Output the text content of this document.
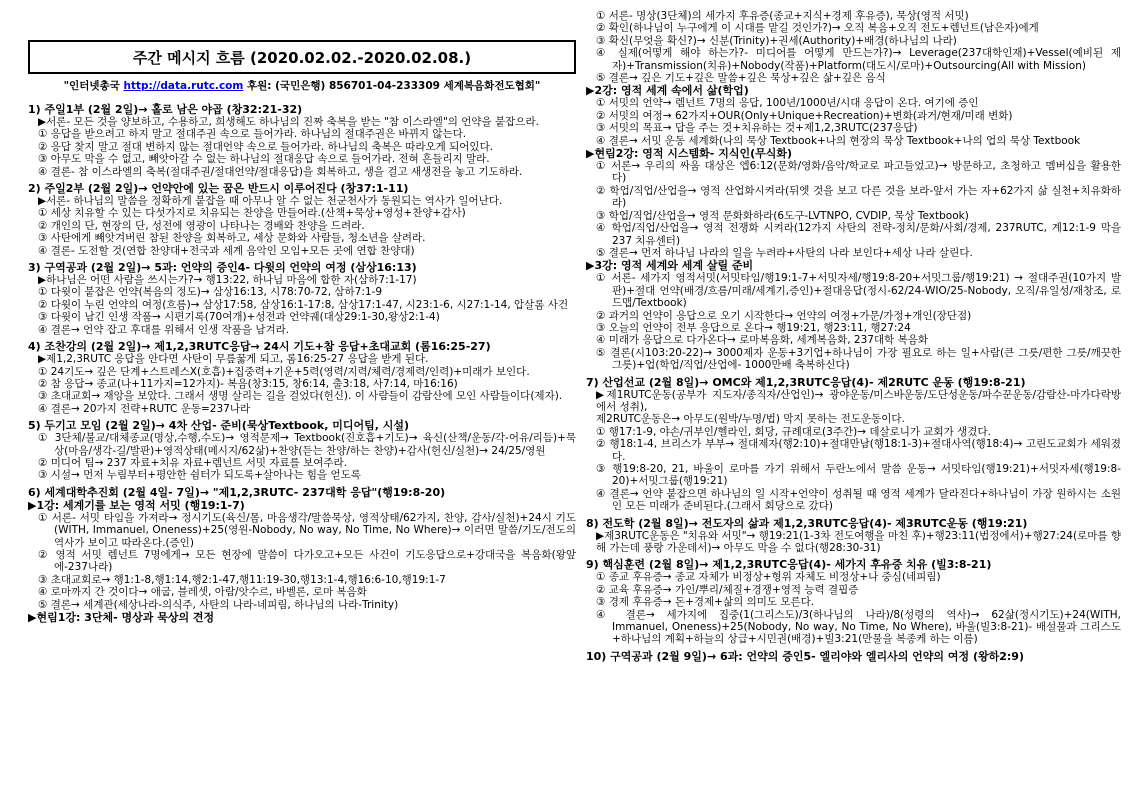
주간 메시지 흐름 (2020.02.02.-2020.02.08.)
"인터넷총국 http://data.rutc.com 후원: (국민은행) 856701-04-233309 세계복음화전도협회"
1) 주일1부 (2월 2일)→ 홀로 남은 야곱 (창32:21-32)
▶서론- 모든 것을 양보하고, 수용하고, 희생해도 하나님의 진짜 축복을 받는 "참 이스라엘"의 언약을 붙잡으라.
① 응답을 받으려고 하지 말고 절대주권 속으로 들어가라. 하나님의 절대주권은 바뀌지 않는다.
② 응답 찾지 말고 절대 변하지 않는 절대언약 속으로 들어가라. 하나님의 축복은 따라오게 되어있다.
③ 아무도 막을 수 없고, 빼앗아갈 수 없는 하나님의 절대응답 속으로 들어가라. 전혀 흔들리지 말라.
④ 결론- 참 이스라엘의 축복(절대주권/절대언약/절대응답)을 회복하고, 생을 걸고 새생전을 놓고 기도하라.
2) 주일2부 (2월 2일)→ 언약안에 있는 꿈은 반드시 이루어진다 (창37:1-11)
▶서론- 하나님의 말씀을 정확하게 붙잡을 때 아무나 알 수 없는 천군천사가 동원되는 역사가 일어난다.
① 세상 치유할 수 있는 다섯가지로 치유되는 찬양을 만들어라.(산책+묵상+영성+찬양+감사)
② 개인의 단, 현장의 단, 성전에 영광이 나타나는 경배와 찬양을 드려라.
③ 사탄에게 빼앗겨버린 참된 찬양을 회복하고, 세상 문화와 사람들, 청소년을 살려라.
④ 결론- 도전할 것(연합 찬양대+전국과 세계 음악인 모임+모든 곳에 연합 찬양대)
3) 구역공과 (2월 2일)→ 5과: 언약의 증인4- 다윗의 언약의 여정 (삼상16:13)
▶하나님은 어떤 사람을 쓰시는가?→ 행13:22, 하나님 마음에 합한 자(삼하7:1-17)
① 다윗이 붙잡은 언약(복음의 정도)→ 삼상16:13, 시78:70-72, 삼하7:1-9
② 다윗이 누린 언약의 여정(흐름)→ 삼상17:58, 삼상16:1-17:8, 삼상17:1-47, 시23:1-6, 시27:1-14, 압살롬 사건
③ 다윗이 남긴 인생 작품→ 시편기록(70여개)+성전과 언약궤(대상29:1-30,왕상2:1-4)
④ 결론→ 언약 잡고 후대를 위해서 인생 작품을 남겨라.
4) 조찬강의 (2월 2일)→ 제1,2,3RUTC응답→ 24시 기도+참 응답+초대교회 (롬16:25-27)
▶제1,2,3RUTC 응답을 안다면 사탄이 무릎꿇게 되고, 롬16:25-27 응답을 받게 된다.
① 24기도→ 깊은 단계+스트레스X(호흡)+집중력+기운+5력(영력/지력/체력/경제력/인력)+미래가 보인다.
② 참 응답→ 종교(나+11가지=12가지)- 복음(창3:15, 창6:14, 출3:18, 사7:14, 마16:16)
③ 초대교회→ 재앙을 보았다. 그래서 생명 살리는 길을 걸었다(헌신). 이 사람들이 감람산에 모인 사람들이다(제자).
④ 결론→ 20가지 전략+RUTC 운동=237나라
5) 두기고 모임 (2월 2일)→ 4차 산업- 준비(묵상Textbook, 미디어팀, 시설)
① 3단체/불교/대체종교(명상,수행,수도)→ 영적문제→ Textbook(진호흡+기도)→ 육신(산책/운동/각-어유/리듬)+묵상(마음/생각-길/발판)+영적상태(메시지/62삶)+찬양(듣는 찬양/하는 찬양)+감사(헌신/실천)→ 24/25/영원
② 미디어 팀→ 237 자료+치유 자료+렘넌트 서밋 자료를 보여주라.
③ 시설→ 먼저 누림부터+평안한 쉼터가 되도록+살아나는 힘을 얻도록
6) 세계대학추진회 (2월 4일- 7일)→ "제1,2,3RUTC- 237대학 응답"(행19:8-20)
▶1강: 세계기를 보는 영적 서밋 (행19:1-7)
① 서론- 서밋 타임을 가져라→ 정시기도(육신/몸, 마음생각/말씀묵상, 영적상태/62가지, 찬양, 감사/실천)+24시 기도(WITH, Immanuel, Oneness)+25(영원-Nobody, No way, No Time, No Where)→ 이러면 말씀/기도/전도의 역사가 보이고 따라온다.(증인)
② 영적 서밋 렘넌트 7명에게→ 모든 현장에 말씀이 다가오고+모든 사건이 기도응답으로+강대국을 복음화(왕앞에-237나라)
③ 초대교회로→ 행1:1-8,행1:14,행2:1-47,행11:19-30,행13:1-4,행16:6-10,행19:1-7
④ 로마까지 간 것이다→ 애굽, 블레셋, 아람/앗수르, 바벨론, 로마 복음화
⑤ 결론→ 세계관(세상나라-의식주, 사탄의 나라-네피림, 하나님의 나라-Trinity)
▶현림1강: 3단체- 명상과 묵상의 견정
① 서론- 명상(3단체)의 세가지 후유증(종교+지식+경제 후유증), 묵상(영적 서밋)
② 확인(하나님이 누구에게 이 시대를 맡길 것인가?)→ 오직 복음+오직 전도+렘넌트(남은자)에게
③ 확신(무엇을 확신?)→ 신분(Trinity)+권세(Authority)+배경(하나님의 나라)
④ 실제(어떻게 해야 하는가?- 미디어를 어떻게 만드는가?)→ Leverage(237대학인재)+Vessel(예비된 제자)+Transmission(치유)+Nobody(작품)+Platform(대도시/로마)+Outsourcing(All with Mission)
⑤ 결론→ 깊은 기도+깊은 말씀+깊은 묵상+깊은 삶+깊은 음식
▶2강: 영적 세계 속에서 삶(학업)
① 서밋의 언약→ 렘넌트 7명의 응답, 100년/1000년/시대 응답이 온다. 여기에 증인
② 서밋의 여정→ 62가지+OUR(Only+Unique+Recreation)+변화(과거/현재/미래 변화)
③ 서밋의 목표→ 답을 주는 것+치유하는 것+제1,2,3RUTC(237응답)
④ 결론→ 서밋 운동 세계화(나의 묵상 Textbook+나의 현장의 묵상 Textbook+나의 업의 묵상 Textbook
▶현림2강: 영적 시스템화- 지식인(무식화)
① 서론→ 우리의 싸움 대상은 엡6:12(문화/영화/음악/학교로 파고들었고)→ 방문하고, 초청하고 멤버십을 활용한다)
② 학업/직업/산업을→ 영적 산업화시켜라(뒤엣 것을 보고 다른 것을 보라-앞서 가는 자+62가지 삶 실천+치유화하라)
③ 학업/직업/산업을→ 영적 문화화하라(6도구-LVTNPO, CVDIP, 묵상 Textbook)
④ 학업/직업/산업을→ 영적 전쟁화 시켜라(12가지 사탄의 전략-정치/문화/사회/경제, 237RUTC, 계12:1-9 막을 237 치유센터)
⑤ 결론→ 먼저 하나님 나라의 일을 누려라+사탄의 나라 보인다+세상 나라 살린다.
▶3강: 영적 세계와 세계 살릴 준비
① 서론- 세가지 영적서밋(서밋타임/행19:1-7+서밋자세/행19:8-20+서밋그룹/행19:21) → 절대주권(10가지 발판)+절대 언약(배경/흐름/미래/세계기,증인)+절대응답(정시-62/24-WIO/25-Nobody, 오직/유일성/재창조, 로드맵/Textbook)
② 과거의 언약이 응답으로 오기 시작한다→ 언약의 여정+가문/가정+개인(장단점)
③ 오늘의 언약이 전부 응답으로 온다→ 행19:21, 행23:11, 행27:24
④ 미래가 응답으로 다가온다→ 로마복음화, 세계복음화, 237대학 복음화
⑤ 결론(시103:20-22)→ 3000제자 운동+3기업+하나님이 가장 필요로 하는 일+사람(큰 그릇/편한 그릇/깨끗한 그릇)+업(학업/직업/산업에- 1000만배 축복하신다)
7) 산업선교 (2월 8일)→ OMC와 제1,2,3RUTC응답(4)- 제2RUTC 운동 (행19:8-21)
▶제1RUTC운동(공부가 지도자/종직자/산업인)→ 광야운동/미스바운동/도단성운동/파수꾼운동/감람산-마가다락방에서 성취),
제2RUTC운동은→ 아무도(원박/누명/법) 막지 못하는 전도운동이다.
① 행17:1-9, 야손/귀부인/헬라인, 회당, 규례대로(3주간)→ 데살로니가 교회가 생겼다.
② 행18:1-4, 브리스가 부부→ 절대제자(행2:10)+절대만남(행18:1-3)+절대사역(행18:4)→ 고린도교회가 세워졌다.
③ 행19:8-20, 21, 바울이 로마를 가기 위해서 두란노에서 말씀 운동→ 서밋타임(행19:21)+서밋자세(행19:8-20)+서밋그룹(행19:21)
④ 결론→ 언약 붙잡으면 하나님의 일 시작+언약이 성취될 때 영적 세계가 달라진다+하나님이 가장 원하시는 소원인 모든 미래가 준비된다.(그래서 회당으로 갔다)
8) 전도학 (2월 8일)→ 전도자의 삶과 제1,2,3RUTC응답(4)- 제3RUTC운동 (행19:21)
▶제3RUTC운동은 "치유와 서밋"→ 행19:21(1-3차 전도여행을 마친 후)+행23:11(법정에서)+행27:24(로마를 향해 가는데 풍랑 가운데서)→ 아무도 막을 수 없다(행28:30-31)
9) 핵심훈련 (2월 8일)→ 제1,2,3RUTC응답(4)- 세가지 후유증 치유 (빌3:8-21)
① 종교 후유증→ 종교 자체가 비정상+형위 자체도 비정상+나 중심(네피림)
② 교육 후유증→ 가인/뿌리/체질+경쟁+영적 능력 결핍증
③ 경제 후유증→ 돈+경제+삶의 의미도 모른다.
④ 결론→ 세가지에 집중(1(그리스도)/3(하나님의 나라)/8(성령의 역사)→ 62삶(정시기도)+24(WITH, Immanuel, Oneness)+25(Nobody, No way, No Time, No Where), 바울(빌3:8-21)- 배설물과 그리스도+하나님의 계획+하늘의 상급+시민권(배경)+빌3:21(만물을 복종케 하는 이름)
10) 구역공과 (2월 9일)→ 6과: 언약의 증인5- 엘리야와 엘리사의 언약의 여정 (왕하2:9)
